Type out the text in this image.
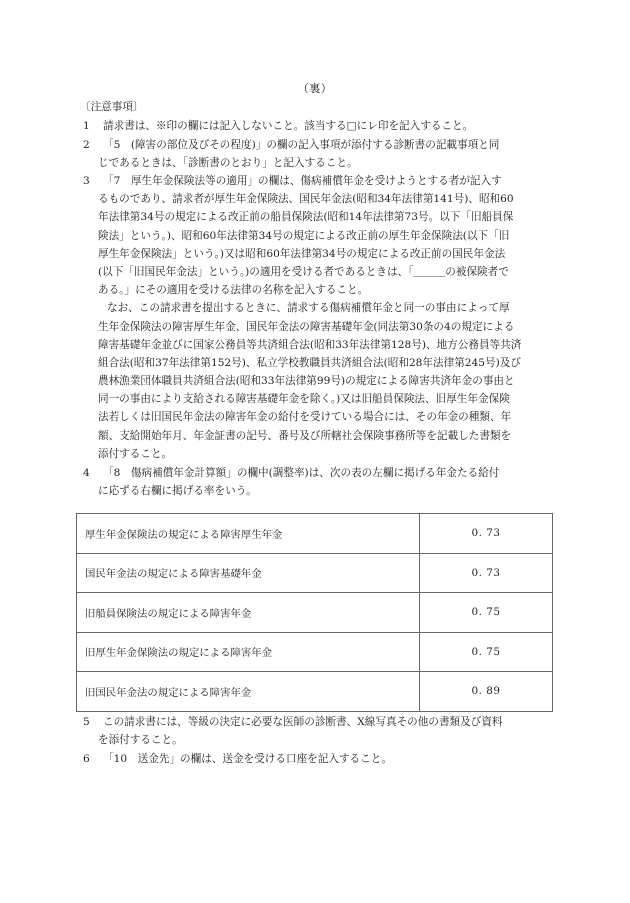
（裏）
〔注意事項〕
1 請求書は、※印の欄には記入しないこと。該当する□にレ印を記入すること。
2 「5　(障害の部位及びその程度)」の欄の記入事項が添付する診断書の記載事項と同
じであるときは、「診断書のとおり」と記入すること。
3 「7　厚生年金保険法等の適用」の欄は、傷病補償年金を受けようとする者が記入す
るものであり、請求者が厚生年金保険法、国民年金法(昭和34年法律第141号)、昭和60
年法律第34号の規定による改正前の船員保険法(昭和14年法律第73号。以下「旧船員保
険法」という。)、昭和60年法律第34号の規定による改正前の厚生年金保険法(以下「旧
厚生年金保険法」という。)又は昭和60年法律第34号の規定による改正前の国民年金法
(以下「旧国民年金法」という。)の適用を受ける者であるときは、「＿＿＿の被保険者で
ある。」にその適用を受ける法律の名称を記入すること。
なお、この請求書を提出するときに、請求する傷病補償年金と同一の事由によって厚
生年金保険法の障害厚生年金、国民年金法の障害基礎年金(同法第30条の4の規定による
障害基礎年金並びに国家公務員等共済組合法(昭和33年法律第128号)、地方公務員等共済
組合法(昭和37年法律第152号)、私立学校教職員共済組合法(昭和28年法律第245号)及び
農林漁業団体職員共済組合法(昭和33年法律第99号)の規定による障害共済年金の事由と
同一の事由により支給される障害基礎年金を除く。)又は旧船員保険法、旧厚生年金保険
法若しくは旧国民年金法の障害年金の給付を受けている場合には、その年金の種類、年
額、支給開始年月、年金証書の記号、番号及び所轄社会保険事務所等を記載した書類を
添付すること。
4 「8　傷病補償年金計算額」の欄中(調整率)は、次の表の左欄に掲げる年金たる給付
に応ずる右欄に掲げる率をいう。
厚生年金保険法の規定による障害厚生年金	0. 73
国民年金法の規定による障害基礎年金	0. 73
旧船員保険法の規定による障害年金	0. 75
旧厚生年金保険法の規定による障害年金	0. 75
旧国民年金法の規定による障害年金	0. 89
5 この請求書には、等級の決定に必要な医師の診断書、X線写真その他の書類及び資料
を添付すること。
6 「10　送金先」の欄は、送金を受ける口座を記入すること。
